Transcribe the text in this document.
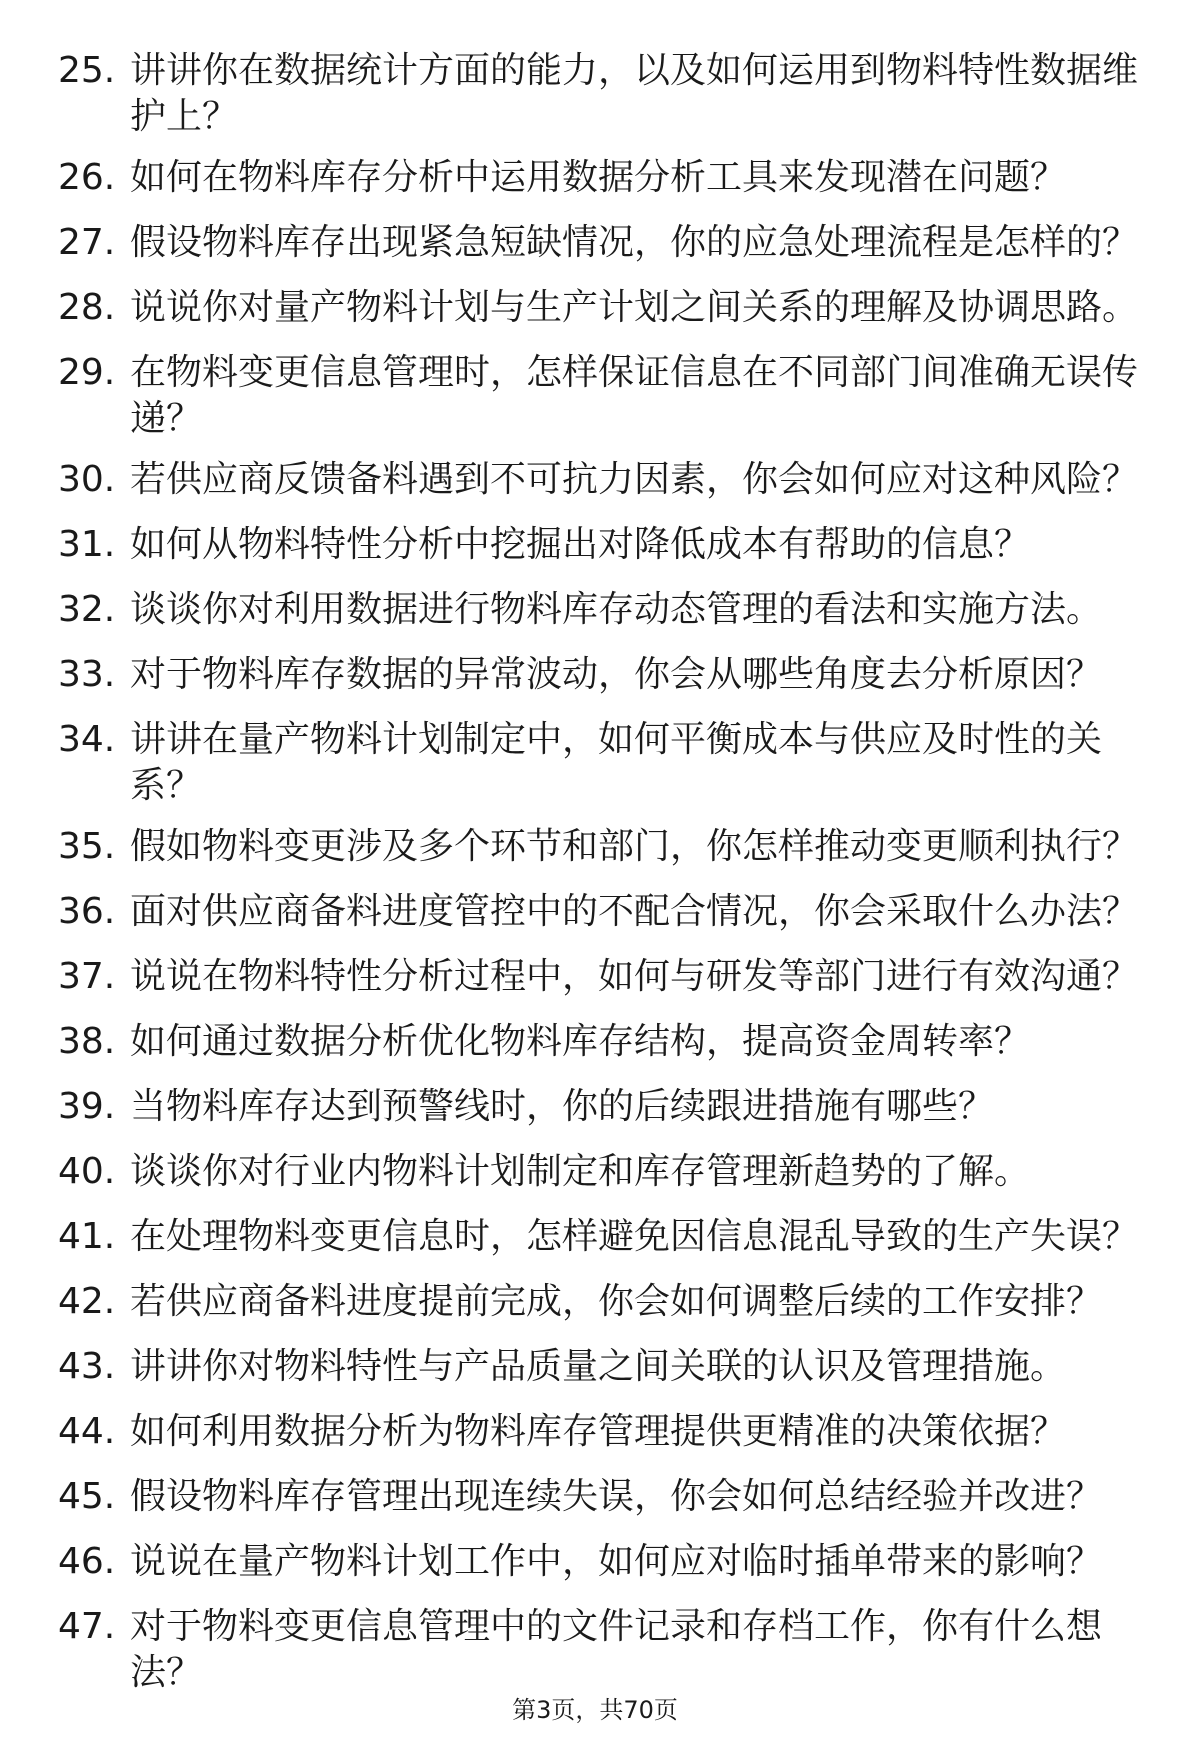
25. 讲讲你在数据统计方面的能力，以及如何运用到物料特性数据维护上？
26. 如何在物料库存分析中运用数据分析工具来发现潜在问题？
27. 假设物料库存出现紧急短缺情况，你的应急处理流程是怎样的？
28. 说说你对量产物料计划与生产计划之间关系的理解及协调思路。
29. 在物料变更信息管理时，怎样保证信息在不同部门间准确无误传递？
30. 若供应商反馈备料遇到不可抗力因素，你会如何应对这种风险？
31. 如何从物料特性分析中挖掘出对降低成本有帮助的信息？
32. 谈谈你对利用数据进行物料库存动态管理的看法和实施方法。
33. 对于物料库存数据的异常波动，你会从哪些角度去分析原因？
34. 讲讲在量产物料计划制定中，如何平衡成本与供应及时性的关系？
35. 假如物料变更涉及多个环节和部门，你怎样推动变更顺利执行？
36. 面对供应商备料进度管控中的不配合情况，你会采取什么办法？
37. 说说在物料特性分析过程中，如何与研发等部门进行有效沟通？
38. 如何通过数据分析优化物料库存结构，提高资金周转率？
39. 当物料库存达到预警线时，你的后续跟进措施有哪些？
40. 谈谈你对行业内物料计划制定和库存管理新趋势的了解。
41. 在处理物料变更信息时，怎样避免因信息混乱导致的生产失误？
42. 若供应商备料进度提前完成，你会如何调整后续的工作安排？
43. 讲讲你对物料特性与产品质量之间关联的认识及管理措施。
44. 如何利用数据分析为物料库存管理提供更精准的决策依据？
45. 假设物料库存管理出现连续失误，你会如何总结经验并改进？
46. 说说在量产物料计划工作中，如何应对临时插单带来的影响？
47. 对于物料变更信息管理中的文件记录和存档工作，你有什么想法？
第3页，共70页
